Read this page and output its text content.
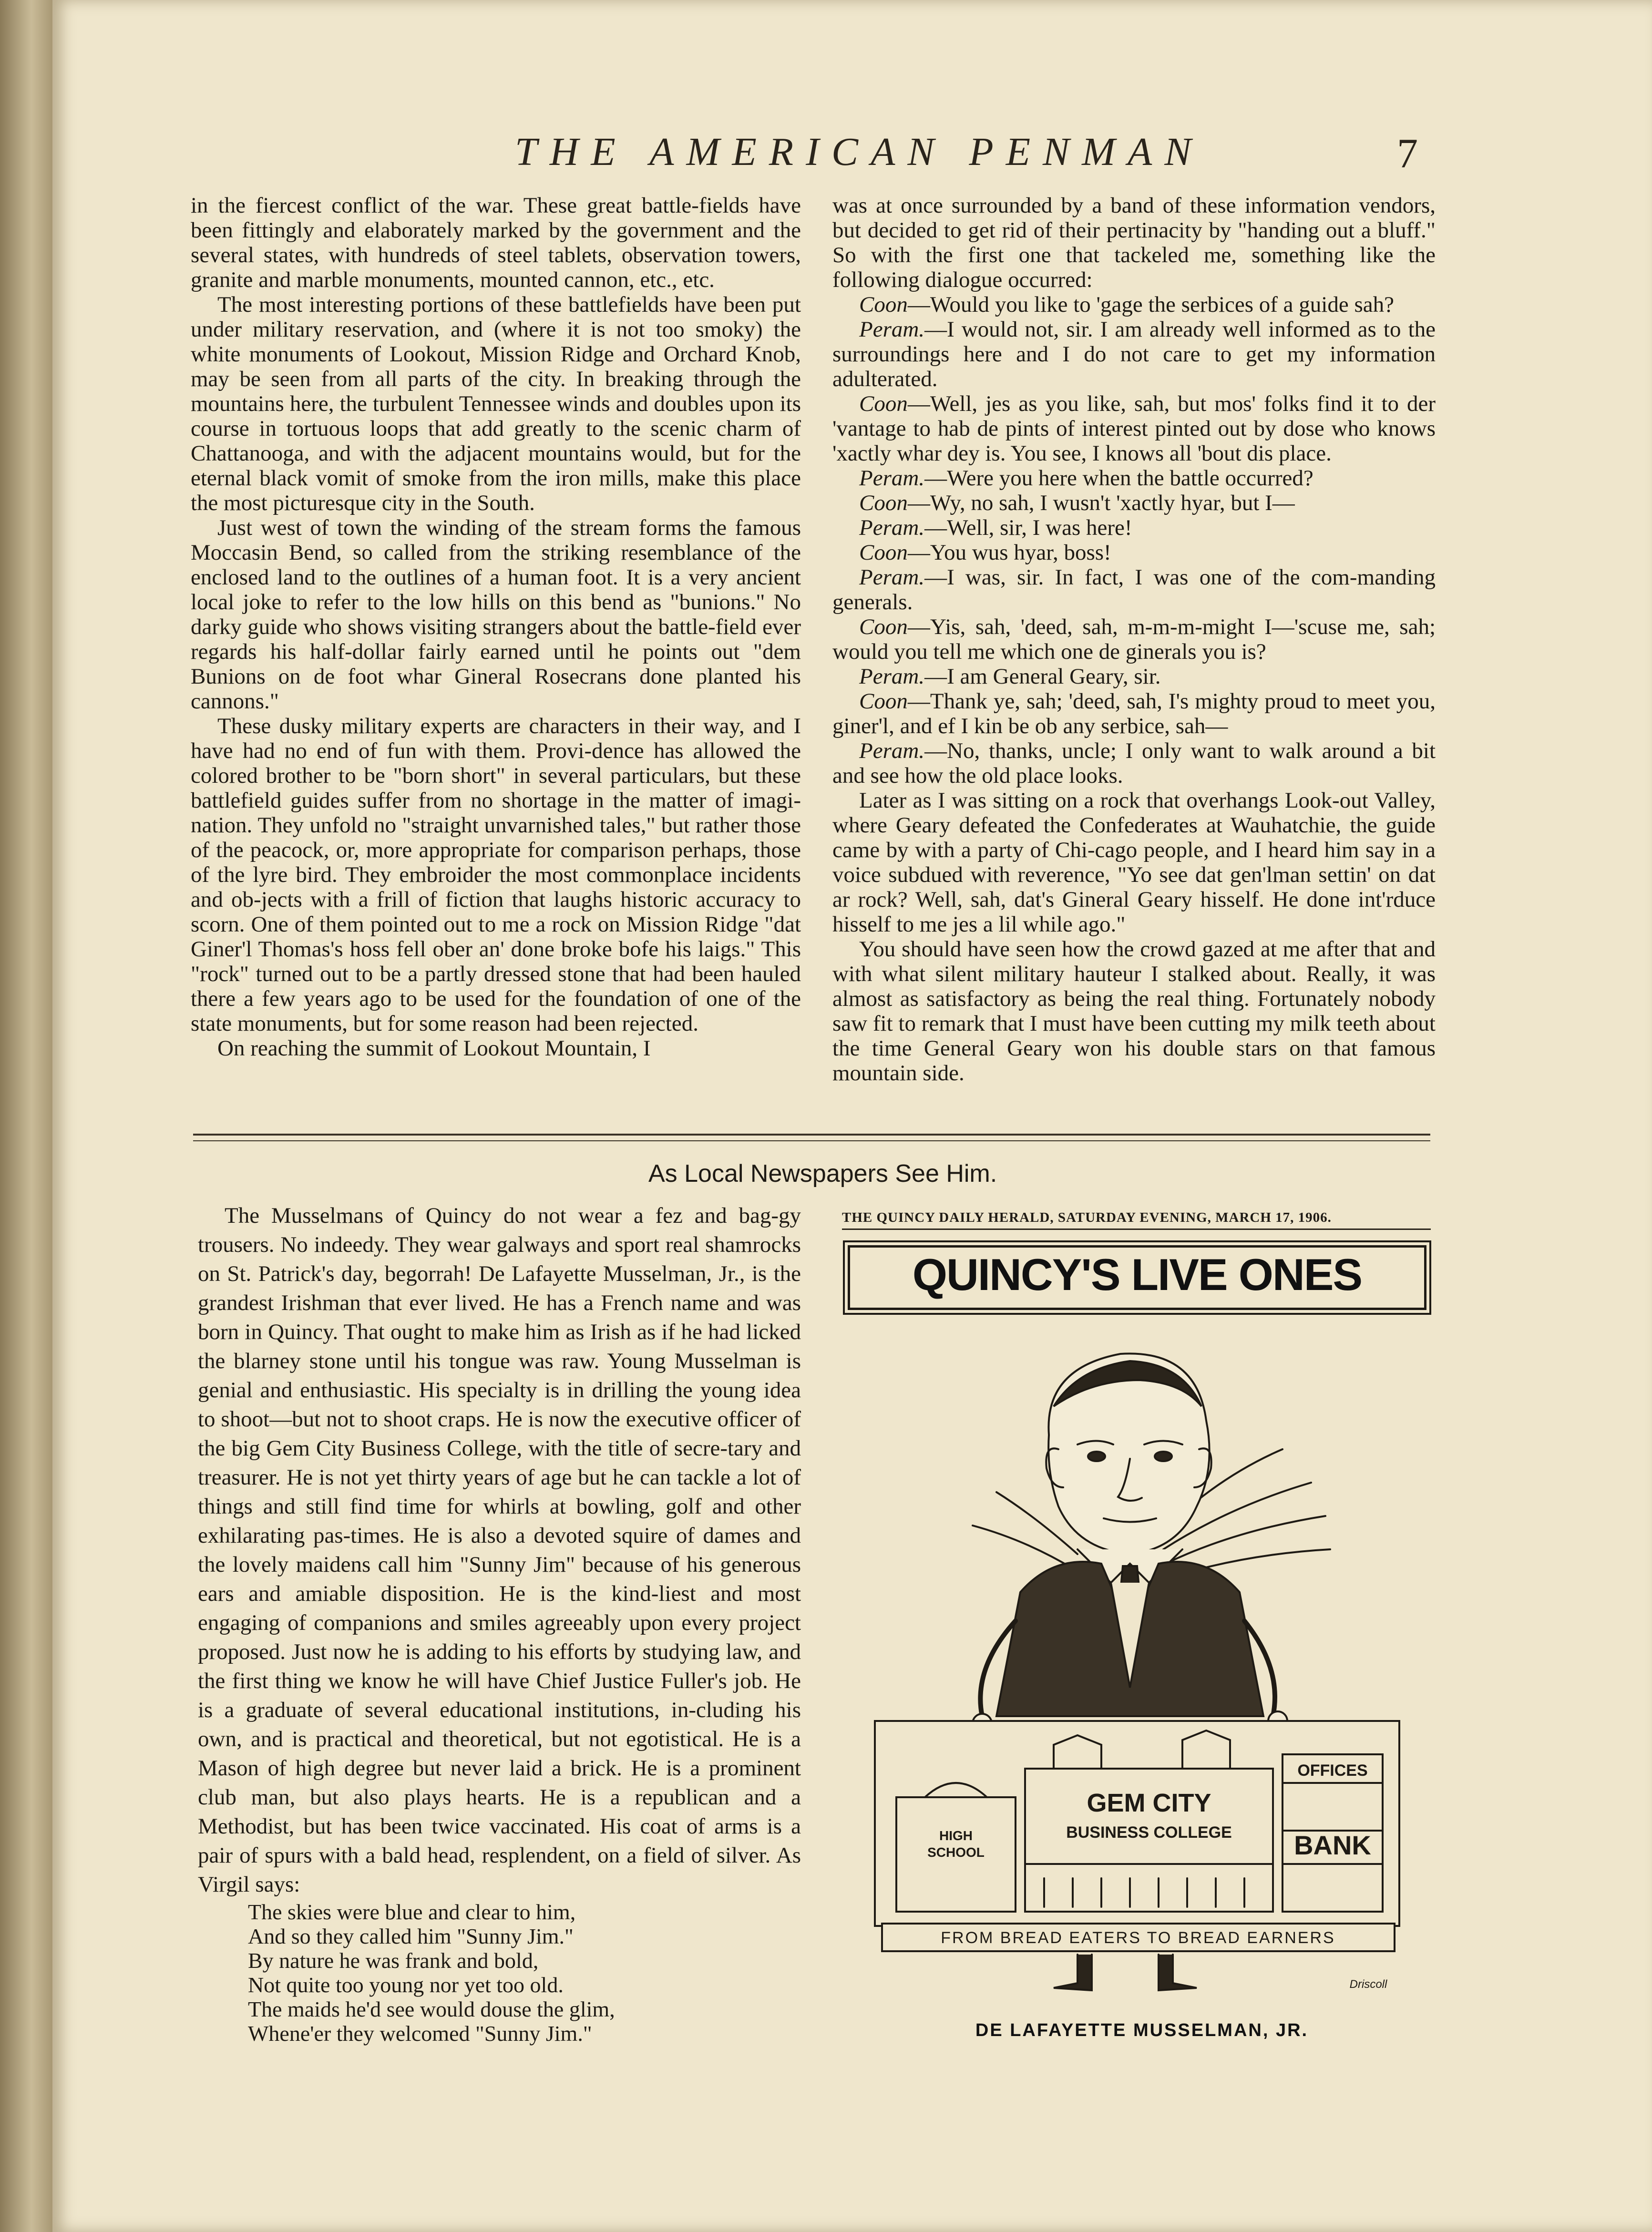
THE AMERICAN PENMAN	7

in the fiercest conflict of the war. These great battle-fields have been fittingly and elaborately marked by the government and the several states, with hundreds of steel tablets, observation towers, granite and marble monuments, mounted cannon, etc., etc.

The most interesting portions of these battlefields have been put under military reservation, and (where it is not too smoky) the white monuments of Lookout, Mission Ridge and Orchard Knob, may be seen from all parts of the city. In breaking through the mountains here, the turbulent Tennessee winds and doubles upon its course in tortuous loops that add greatly to the scenic charm of Chattanooga, and with the adjacent mountains would, but for the eternal black vomit of smoke from the iron mills, make this place the most picturesque city in the South.

Just west of town the winding of the stream forms the famous Moccasin Bend, so called from the striking resemblance of the enclosed land to the outlines of a human foot. It is a very ancient local joke to refer to the low hills on this bend as "bunions." No darky guide who shows visiting strangers about the battle-field ever regards his half-dollar fairly earned until he points out "dem Bunions on de foot whar Gineral Rosecrans done planted his cannons."

These dusky military experts are characters in their way, and I have had no end of fun with them. Provi-dence has allowed the colored brother to be "born short" in several particulars, but these battlefield guides suffer from no shortage in the matter of imagi-nation. They unfold no "straight unvarnished tales," but rather those of the peacock, or, more appropriate for comparison perhaps, those of the lyre bird. They embroider the most commonplace incidents and ob-jects with a frill of fiction that laughs historic accuracy to scorn. One of them pointed out to me a rock on Mission Ridge "dat Giner'l Thomas's hoss fell ober an' done broke bofe his laigs." This "rock" turned out to be a partly dressed stone that had been hauled there a few years ago to be used for the foundation of one of the state monuments, but for some reason had been rejected.

On reaching the summit of Lookout Mountain, I

was at once surrounded by a band of these information vendors, but decided to get rid of their pertinacity by "handing out a bluff." So with the first one that tackeled me, something like the following dialogue occurred:

Coon—Would you like to 'gage the serbices of a guide sah?

Peram.—I would not, sir. I am already well informed as to the surroundings here and I do not care to get my information adulterated.

Coon—Well, jes as you like, sah, but mos' folks find it to der 'vantage to hab de pints of interest pinted out by dose who knows 'xactly whar dey is. You see, I knows all 'bout dis place.

Peram.—Were you here when the battle occurred?

Coon—Wy, no sah, I wusn't 'xactly hyar, but I—

Peram.—Well, sir, I was here!

Coon—You wus hyar, boss!

Peram.—I was, sir. In fact, I was one of the com-manding generals.

Coon—Yis, sah, 'deed, sah, m-m-m-might I—'scuse me, sah; would you tell me which one de ginerals you is?

Peram.—I am General Geary, sir.

Coon—Thank ye, sah; 'deed, sah, I's mighty proud to meet you, giner'l, and ef I kin be ob any serbice, sah—

Peram.—No, thanks, uncle; I only want to walk around a bit and see how the old place looks.

Later as I was sitting on a rock that overhangs Look-out Valley, where Geary defeated the Confederates at Wauhatchie, the guide came by with a party of Chi-cago people, and I heard him say in a voice subdued with reverence, "Yo see dat gen'lman settin' on dat ar rock? Well, sah, dat's Gineral Geary hisself. He done int'rduce hisself to me jes a lil while ago."

You should have seen how the crowd gazed at me after that and with what silent military hauteur I stalked about. Really, it was almost as satisfactory as being the real thing. Fortunately nobody saw fit to remark that I must have been cutting my milk teeth about the time General Geary won his double stars on that famous mountain side.

As Local Newspapers See Him.

The Musselmans of Quincy do not wear a fez and bag-gy trousers. No indeedy. They wear galways and sport real shamrocks on St. Patrick's day, begorrah! De Lafayette Musselman, Jr., is the grandest Irishman that ever lived. He has a French name and was born in Quincy. That ought to make him as Irish as if he had licked the blarney stone until his tongue was raw. Young Musselman is genial and enthusiastic. His specialty is in drilling the young idea to shoot—but not to shoot craps. He is now the executive officer of the big Gem City Business College, with the title of secre-tary and treasurer. He is not yet thirty years of age but he can tackle a lot of things and still find time for whirls at bowling, golf and other exhilarating pas-times. He is also a devoted squire of dames and the lovely maidens call him "Sunny Jim" because of his generous ears and amiable disposition. He is the kind-liest and most engaging of companions and smiles agreeably upon every project proposed. Just now he is adding to his efforts by studying law, and the first thing we know he will have Chief Justice Fuller's job. He is a graduate of several educational institutions, in-cluding his own, and is practical and theoretical, but not egotistical. He is a Mason of high degree but never laid a brick. He is a prominent club man, but also plays hearts. He is a republican and a Methodist, but has been twice vaccinated. His coat of arms is a pair of spurs with a bald head, resplendent, on a field of silver. As Virgil says:

The skies were blue and clear to him,
And so they called him "Sunny Jim."
By nature he was frank and bold,
Not quite too young nor yet too old.
The maids he'd see would douse the glim,
Whene'er they welcomed "Sunny Jim."
THE QUINCY DAILY HERALD, SATURDAY EVENING, MARCH 17, 1906.
QUINCY'S LIVE ONES
OFFICES
BANK
GEM CITY
BUSINESS COLLEGE
HIGH
SCHOOL
FROM BREAD EATERS TO BREAD EARNERS
Driscoll
DE LAFAYETTE MUSSELMAN, JR.
